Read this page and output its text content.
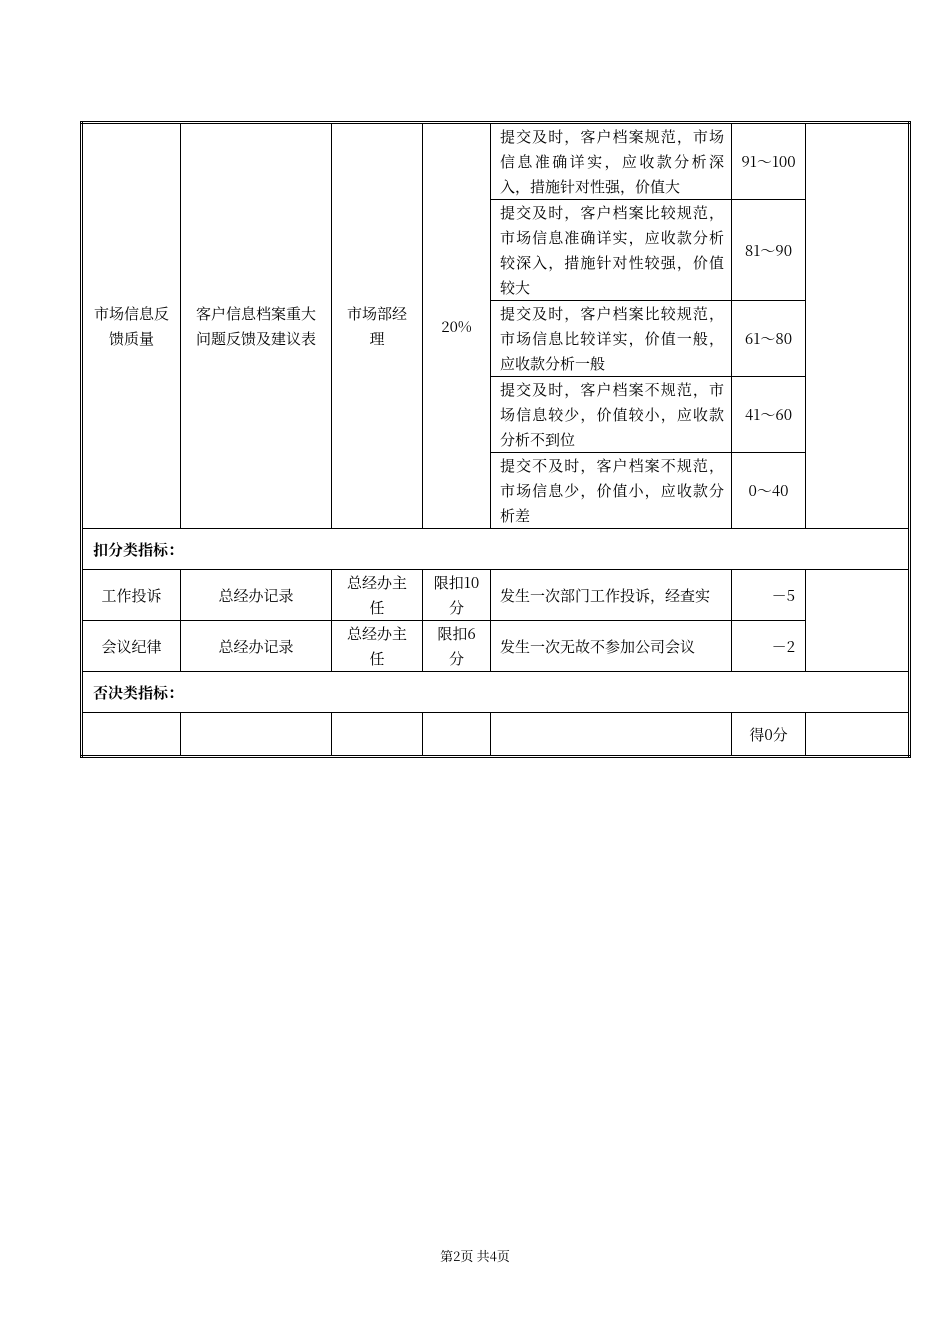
市场信息反馈质量	客户信息档案重大问题反馈及建议表	市场部经理	20%	提交及时，客户档案规范，市场信息准确详实，应收款分析深入，措施针对性强，价值大	91～100	
				提交及时，客户档案比较规范，市场信息准确详实，应收款分析较深入，措施针对性较强，价值较大	81～90	
				提交及时，客户档案比较规范，市场信息比较详实，价值一般，应收款分析一般	61～80	
				提交及时，客户档案不规范，市场信息较少，价值较小，应收款分析不到位	41～60	
				提交不及时，客户档案不规范，市场信息少，价值小，应收款分析差	0～40	
扣分类指标：						
工作投诉	总经办记录	总经办主任	限扣10分	发生一次部门工作投诉，经查实	－5	
会议纪律	总经办记录	总经办主任	限扣6分	发生一次无故不参加公司会议	－2	
否决类指标：						
					得0分	
第2页 共4页
